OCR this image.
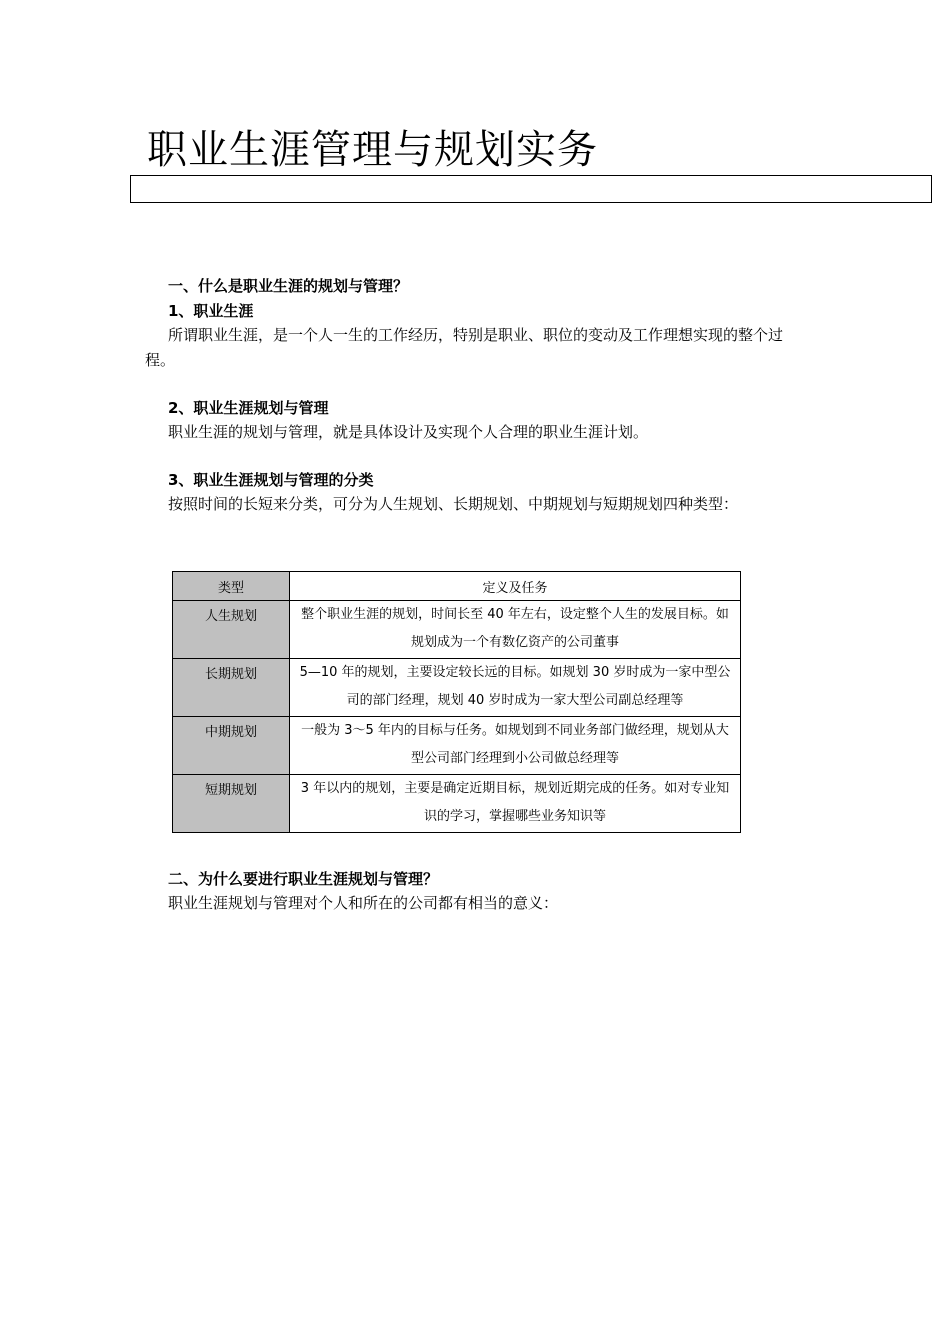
职业生涯管理与规划实务
一、什么是职业生涯的规划与管理？
1、职业生涯
所谓职业生涯，是一个人一生的工作经历，特别是职业、职位的变动及工作理想实现的整个过程。
2、职业生涯规划与管理
职业生涯的规划与管理，就是具体设计及实现个人合理的职业生涯计划。
3、职业生涯规划与管理的分类
按照时间的长短来分类，可分为人生规划、长期规划、中期规划与短期规划四种类型：
类型	定义及任务
人生规划	整个职业生涯的规划，时间长至 40 年左右，设定整个人生的发展目标。如规划成为一个有数亿资产的公司董事
长期规划	5—10 年的规划，主要设定较长远的目标。如规划 30 岁时成为一家中型公司的部门经理，规划 40 岁时成为一家大型公司副总经理等
中期规划	一般为 3～5 年内的目标与任务。如规划到不同业务部门做经理，规划从大型公司部门经理到小公司做总经理等
短期规划	3 年以内的规划，主要是确定近期目标，规划近期完成的任务。如对专业知识的学习，掌握哪些业务知识等
二、为什么要进行职业生涯规划与管理？
职业生涯规划与管理对个人和所在的公司都有相当的意义：
